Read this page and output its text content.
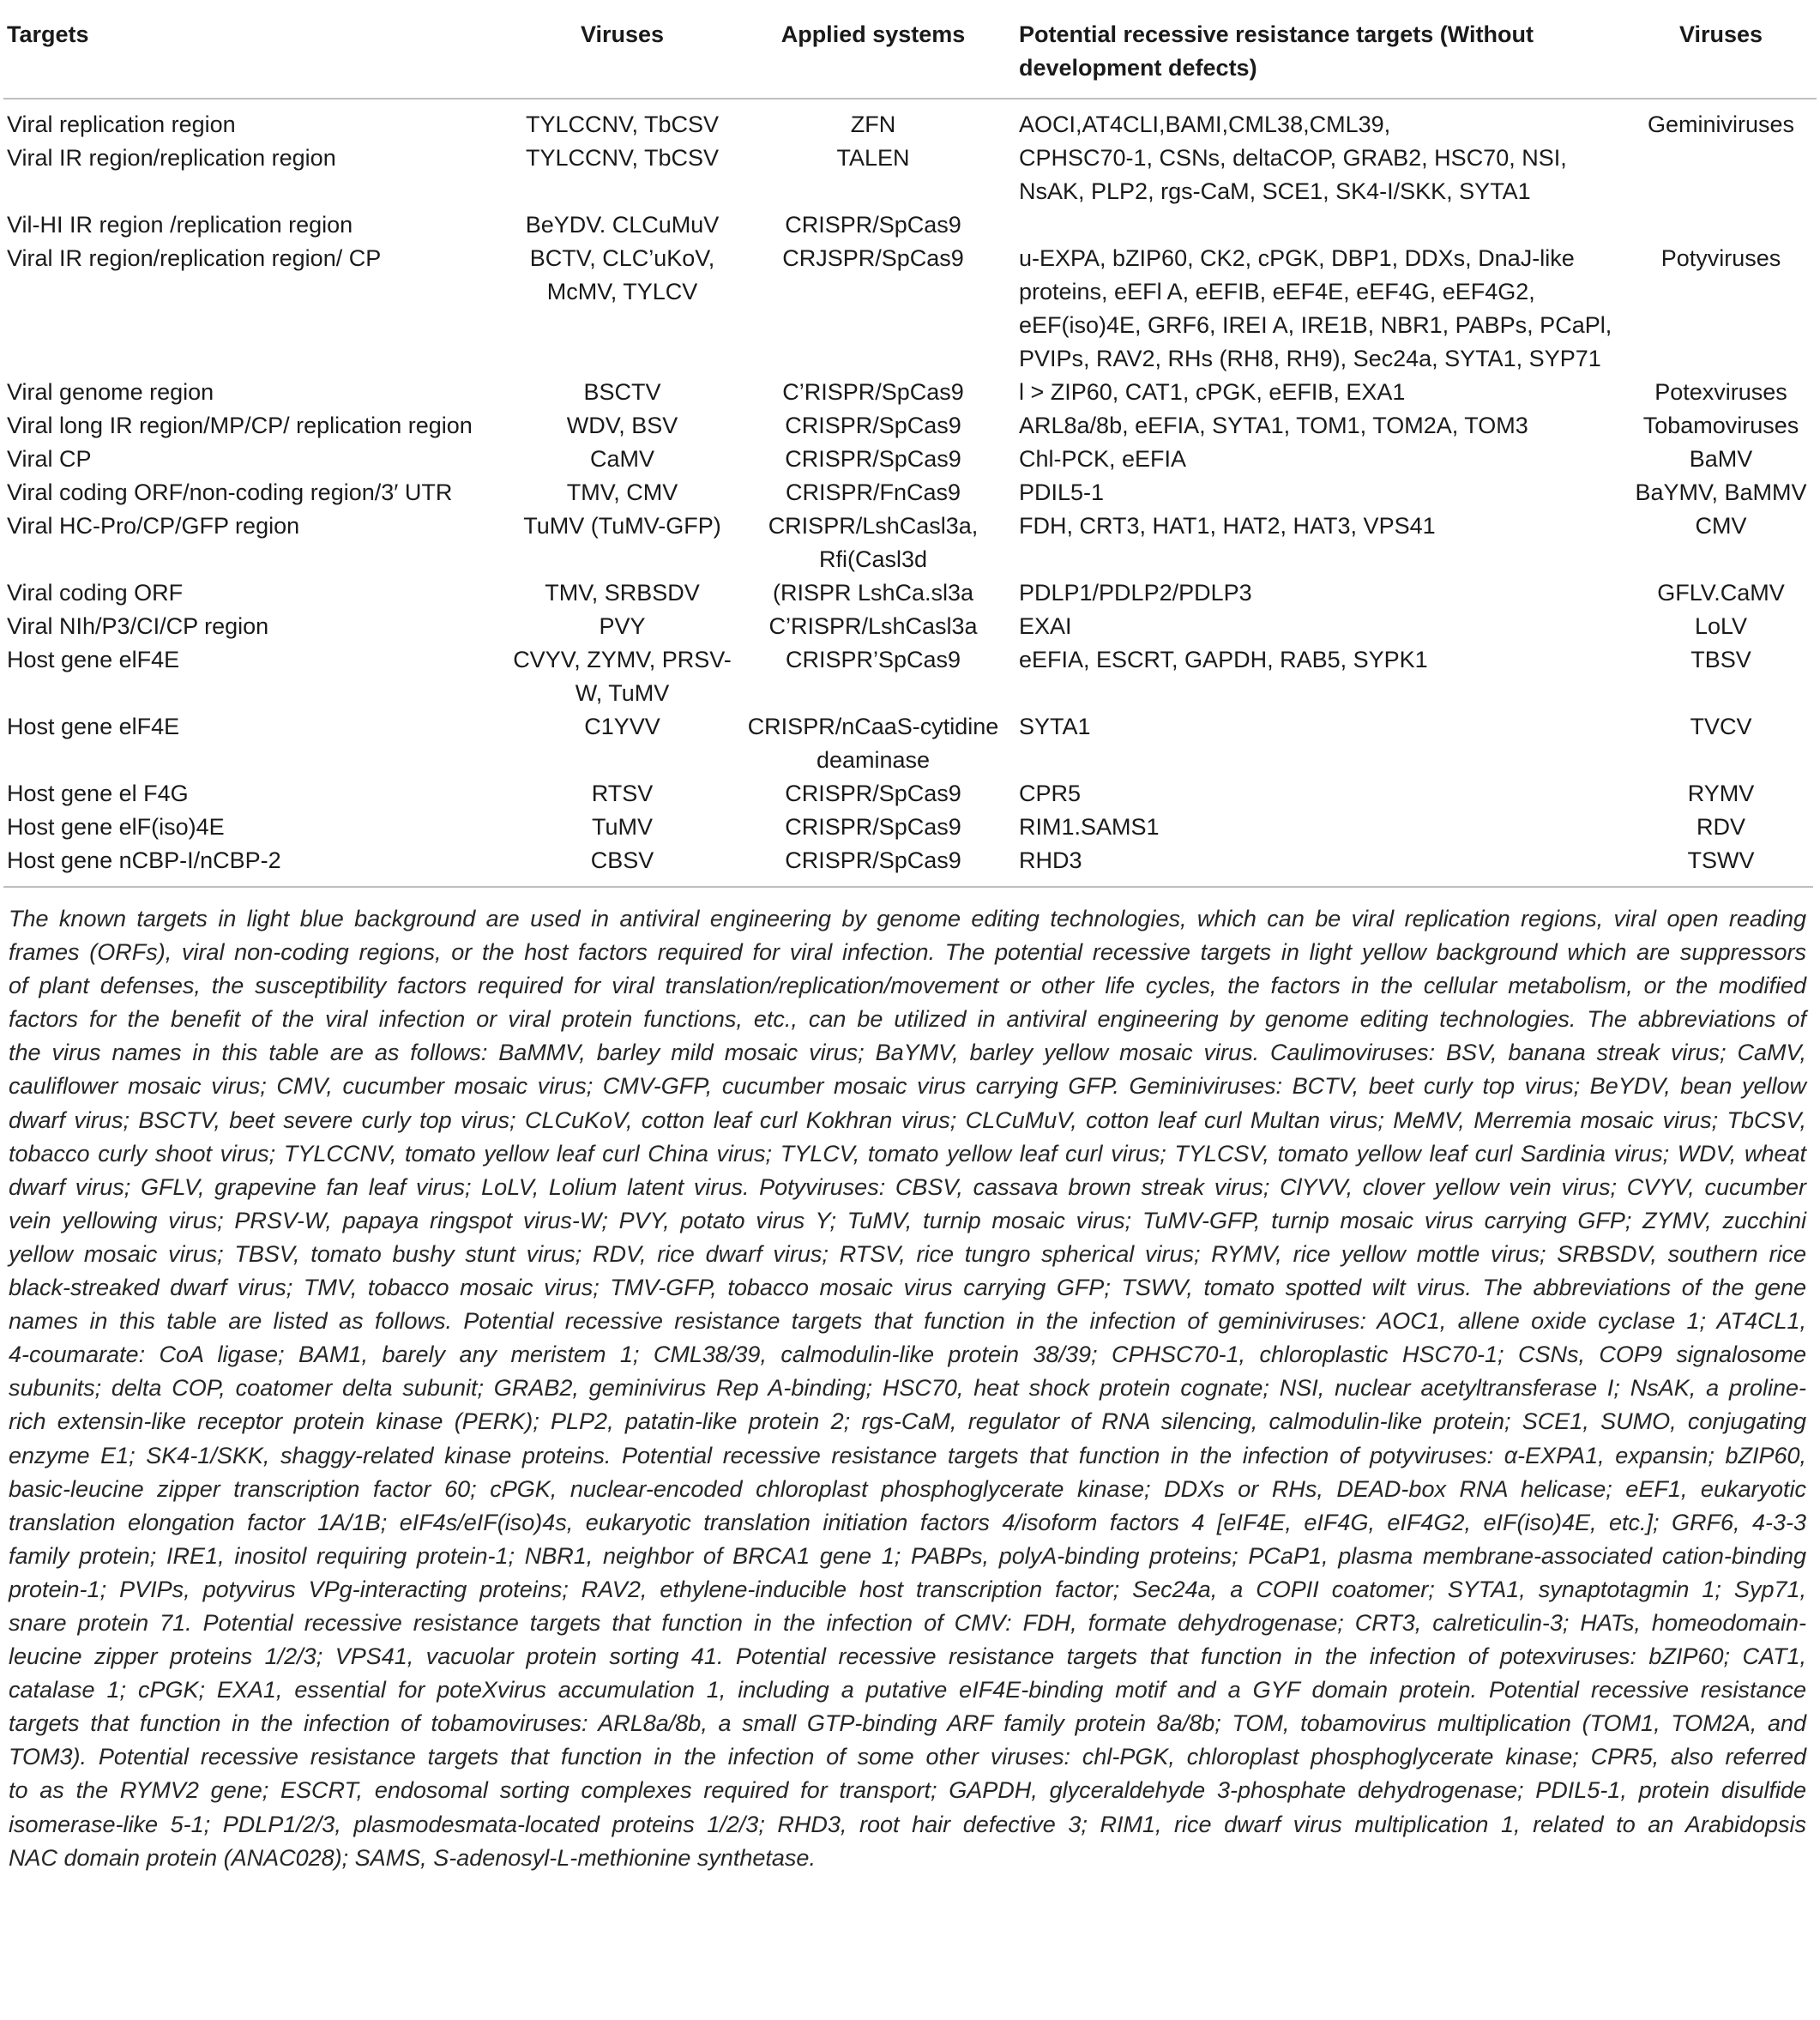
Targets	Viruses	Applied systems	Potential recessive resistance targets (Without development defects)	Viruses
Viral replication region	TYLCCNV, TbCSV	ZFN	AOCI,AT4CLI,BAMI,CML38,CML39,	Geminiviruses
Viral IR region/replication region	TYLCCNV, TbCSV	TALEN	CPHSC70-1, CSNs, deltaCOP, GRAB2, HSC70, NSI, NsAK, PLP2, rgs-CaM, SCE1, SK4-I/SKK, SYTA1	
Vil-HI IR region /replication region	BeYDV. CLCuMuV	CRISPR/SpCas9		
Viral IR region/replication region/ CP	BCTV, CLC’uKoV, McMV, TYLCV	CRJSPR/SpCas9	u-EXPA, bZIP60, CK2, cPGK, DBP1, DDXs, DnaJ-like proteins, eEFl A, eEFIB, eEF4E, eEF4G, eEF4G2, eEF(iso)4E, GRF6, IREI A, IRE1B, NBR1, PABPs, PCaPl, PVIPs, RAV2, RHs (RH8, RH9), Sec24a, SYTA1, SYP71	Potyviruses
Viral genome region	BSCTV	C’RISPR/SpCas9	l > ZIP60, CAT1, cPGK, eEFIB, EXA1	Potexviruses
Viral long IR region/MP/CP/ replication region	WDV, BSV	CRISPR/SpCas9	ARL8a/8b, eEFIA, SYTA1, TOM1, TOM2A, TOM3	Tobamoviruses
Viral CP	CaMV	CRISPR/SpCas9	Chl-PCK, eEFIA	BaMV
Viral coding ORF/non-coding region/3′ UTR	TMV, CMV	CRISPR/FnCas9	PDIL5-1	BaYMV, BaMMV
Viral HC-Pro/CP/GFP region	TuMV (TuMV-GFP)	CRISPR/LshCasl3a, Rfi(Casl3d	FDH, CRT3, HAT1, HAT2, HAT3, VPS41	CMV
Viral coding ORF	TMV, SRBSDV	(RISPR LshCa.sl3a	PDLP1/PDLP2/PDLP3	GFLV.CaMV
Viral NIh/P3/CI/CP region	PVY	C’RISPR/LshCasl3a	EXAI	LoLV
Host gene elF4E	CVYV, ZYMV, PRSV-W, TuMV	CRISPR’SpCas9	eEFIA, ESCRT, GAPDH, RAB5, SYPK1	TBSV
Host gene elF4E	C1YVV	CRISPR/nCaaS-cytidine deaminase	SYTA1	TVCV
Host gene el F4G	RTSV	CRISPR/SpCas9	CPR5	RYMV
Host gene elF(iso)4E	TuMV	CRISPR/SpCas9	RIM1.SAMS1	RDV
Host gene nCBP-I/nCBP-2	CBSV	CRISPR/SpCas9	RHD3	TSWV
The known targets in light blue background are used in antiviral engineering by genome editing technologies, which can be viral replication regions, viral open reading
frames (ORFs), viral non-coding regions, or the host factors required for viral infection. The potential recessive targets in light yellow background which are suppressors
of plant defenses, the susceptibility factors required for viral translation/replication/movement or other life cycles, the factors in the cellular metabolism, or the modified
factors for the benefit of the viral infection or viral protein functions, etc., can be utilized in antiviral engineering by genome editing technologies. The abbreviations of
the virus names in this table are as follows: BaMMV, barley mild mosaic virus; BaYMV, barley yellow mosaic virus. Caulimoviruses: BSV, banana streak virus; CaMV,
cauliflower mosaic virus; CMV, cucumber mosaic virus; CMV-GFP, cucumber mosaic virus carrying GFP. Geminiviruses: BCTV, beet curly top virus; BeYDV, bean yellow
dwarf virus; BSCTV, beet severe curly top virus; CLCuKoV, cotton leaf curl Kokhran virus; CLCuMuV, cotton leaf curl Multan virus; MeMV, Merremia mosaic virus; TbCSV,
tobacco curly shoot virus; TYLCCNV, tomato yellow leaf curl China virus; TYLCV, tomato yellow leaf curl virus; TYLCSV, tomato yellow leaf curl Sardinia virus; WDV, wheat
dwarf virus; GFLV, grapevine fan leaf virus; LoLV, Lolium latent virus. Potyviruses: CBSV, cassava brown streak virus; ClYVV, clover yellow vein virus; CVYV, cucumber
vein yellowing virus; PRSV-W, papaya ringspot virus-W; PVY, potato virus Y; TuMV, turnip mosaic virus; TuMV-GFP, turnip mosaic virus carrying GFP; ZYMV, zucchini
yellow mosaic virus; TBSV, tomato bushy stunt virus; RDV, rice dwarf virus; RTSV, rice tungro spherical virus; RYMV, rice yellow mottle virus; SRBSDV, southern rice
black-streaked dwarf virus; TMV, tobacco mosaic virus; TMV-GFP, tobacco mosaic virus carrying GFP; TSWV, tomato spotted wilt virus. The abbreviations of the gene
names in this table are listed as follows. Potential recessive resistance targets that function in the infection of geminiviruses: AOC1, allene oxide cyclase 1; AT4CL1,
4-coumarate: CoA ligase; BAM1, barely any meristem 1; CML38/39, calmodulin-like protein 38/39; CPHSC70-1, chloroplastic HSC70-1; CSNs, COP9 signalosome
subunits; delta COP, coatomer delta subunit; GRAB2, geminivirus Rep A-binding; HSC70, heat shock protein cognate; NSI, nuclear acetyltransferase I; NsAK, a proline-
rich extensin-like receptor protein kinase (PERK); PLP2, patatin-like protein 2; rgs-CaM, regulator of RNA silencing, calmodulin-like protein; SCE1, SUMO, conjugating
enzyme E1; SK4-1/SKK, shaggy-related kinase proteins. Potential recessive resistance targets that function in the infection of potyviruses: α-EXPA1, expansin; bZIP60,
basic-leucine zipper transcription factor 60; cPGK, nuclear-encoded chloroplast phosphoglycerate kinase; DDXs or RHs, DEAD-box RNA helicase; eEF1, eukaryotic
translation elongation factor 1A/1B; eIF4s/eIF(iso)4s, eukaryotic translation initiation factors 4/isoform factors 4 [eIF4E, eIF4G, eIF4G2, eIF(iso)4E, etc.]; GRF6, 4-3-3
family protein; IRE1, inositol requiring protein-1; NBR1, neighbor of BRCA1 gene 1; PABPs, polyA-binding proteins; PCaP1, plasma membrane-associated cation-binding
protein-1; PVIPs, potyvirus VPg-interacting proteins; RAV2, ethylene-inducible host transcription factor; Sec24a, a COPII coatomer; SYTA1, synaptotagmin 1; Syp71,
snare protein 71. Potential recessive resistance targets that function in the infection of CMV: FDH, formate dehydrogenase; CRT3, calreticulin-3; HATs, homeodomain-
leucine zipper proteins 1/2/3; VPS41, vacuolar protein sorting 41. Potential recessive resistance targets that function in the infection of potexviruses: bZIP60; CAT1,
catalase 1; cPGK; EXA1, essential for poteXvirus accumulation 1, including a putative eIF4E-binding motif and a GYF domain protein. Potential recessive resistance
targets that function in the infection of tobamoviruses: ARL8a/8b, a small GTP-binding ARF family protein 8a/8b; TOM, tobamovirus multiplication (TOM1, TOM2A, and
TOM3). Potential recessive resistance targets that function in the infection of some other viruses: chl-PGK, chloroplast phosphoglycerate kinase; CPR5, also referred
to as the RYMV2 gene; ESCRT, endosomal sorting complexes required for transport; GAPDH, glyceraldehyde 3-phosphate dehydrogenase; PDIL5-1, protein disulfide
isomerase-like 5-1; PDLP1/2/3, plasmodesmata-located proteins 1/2/3; RHD3, root hair defective 3; RIM1, rice dwarf virus multiplication 1, related to an Arabidopsis
NAC domain protein (ANAC028); SAMS, S-adenosyl-L-methionine synthetase.
